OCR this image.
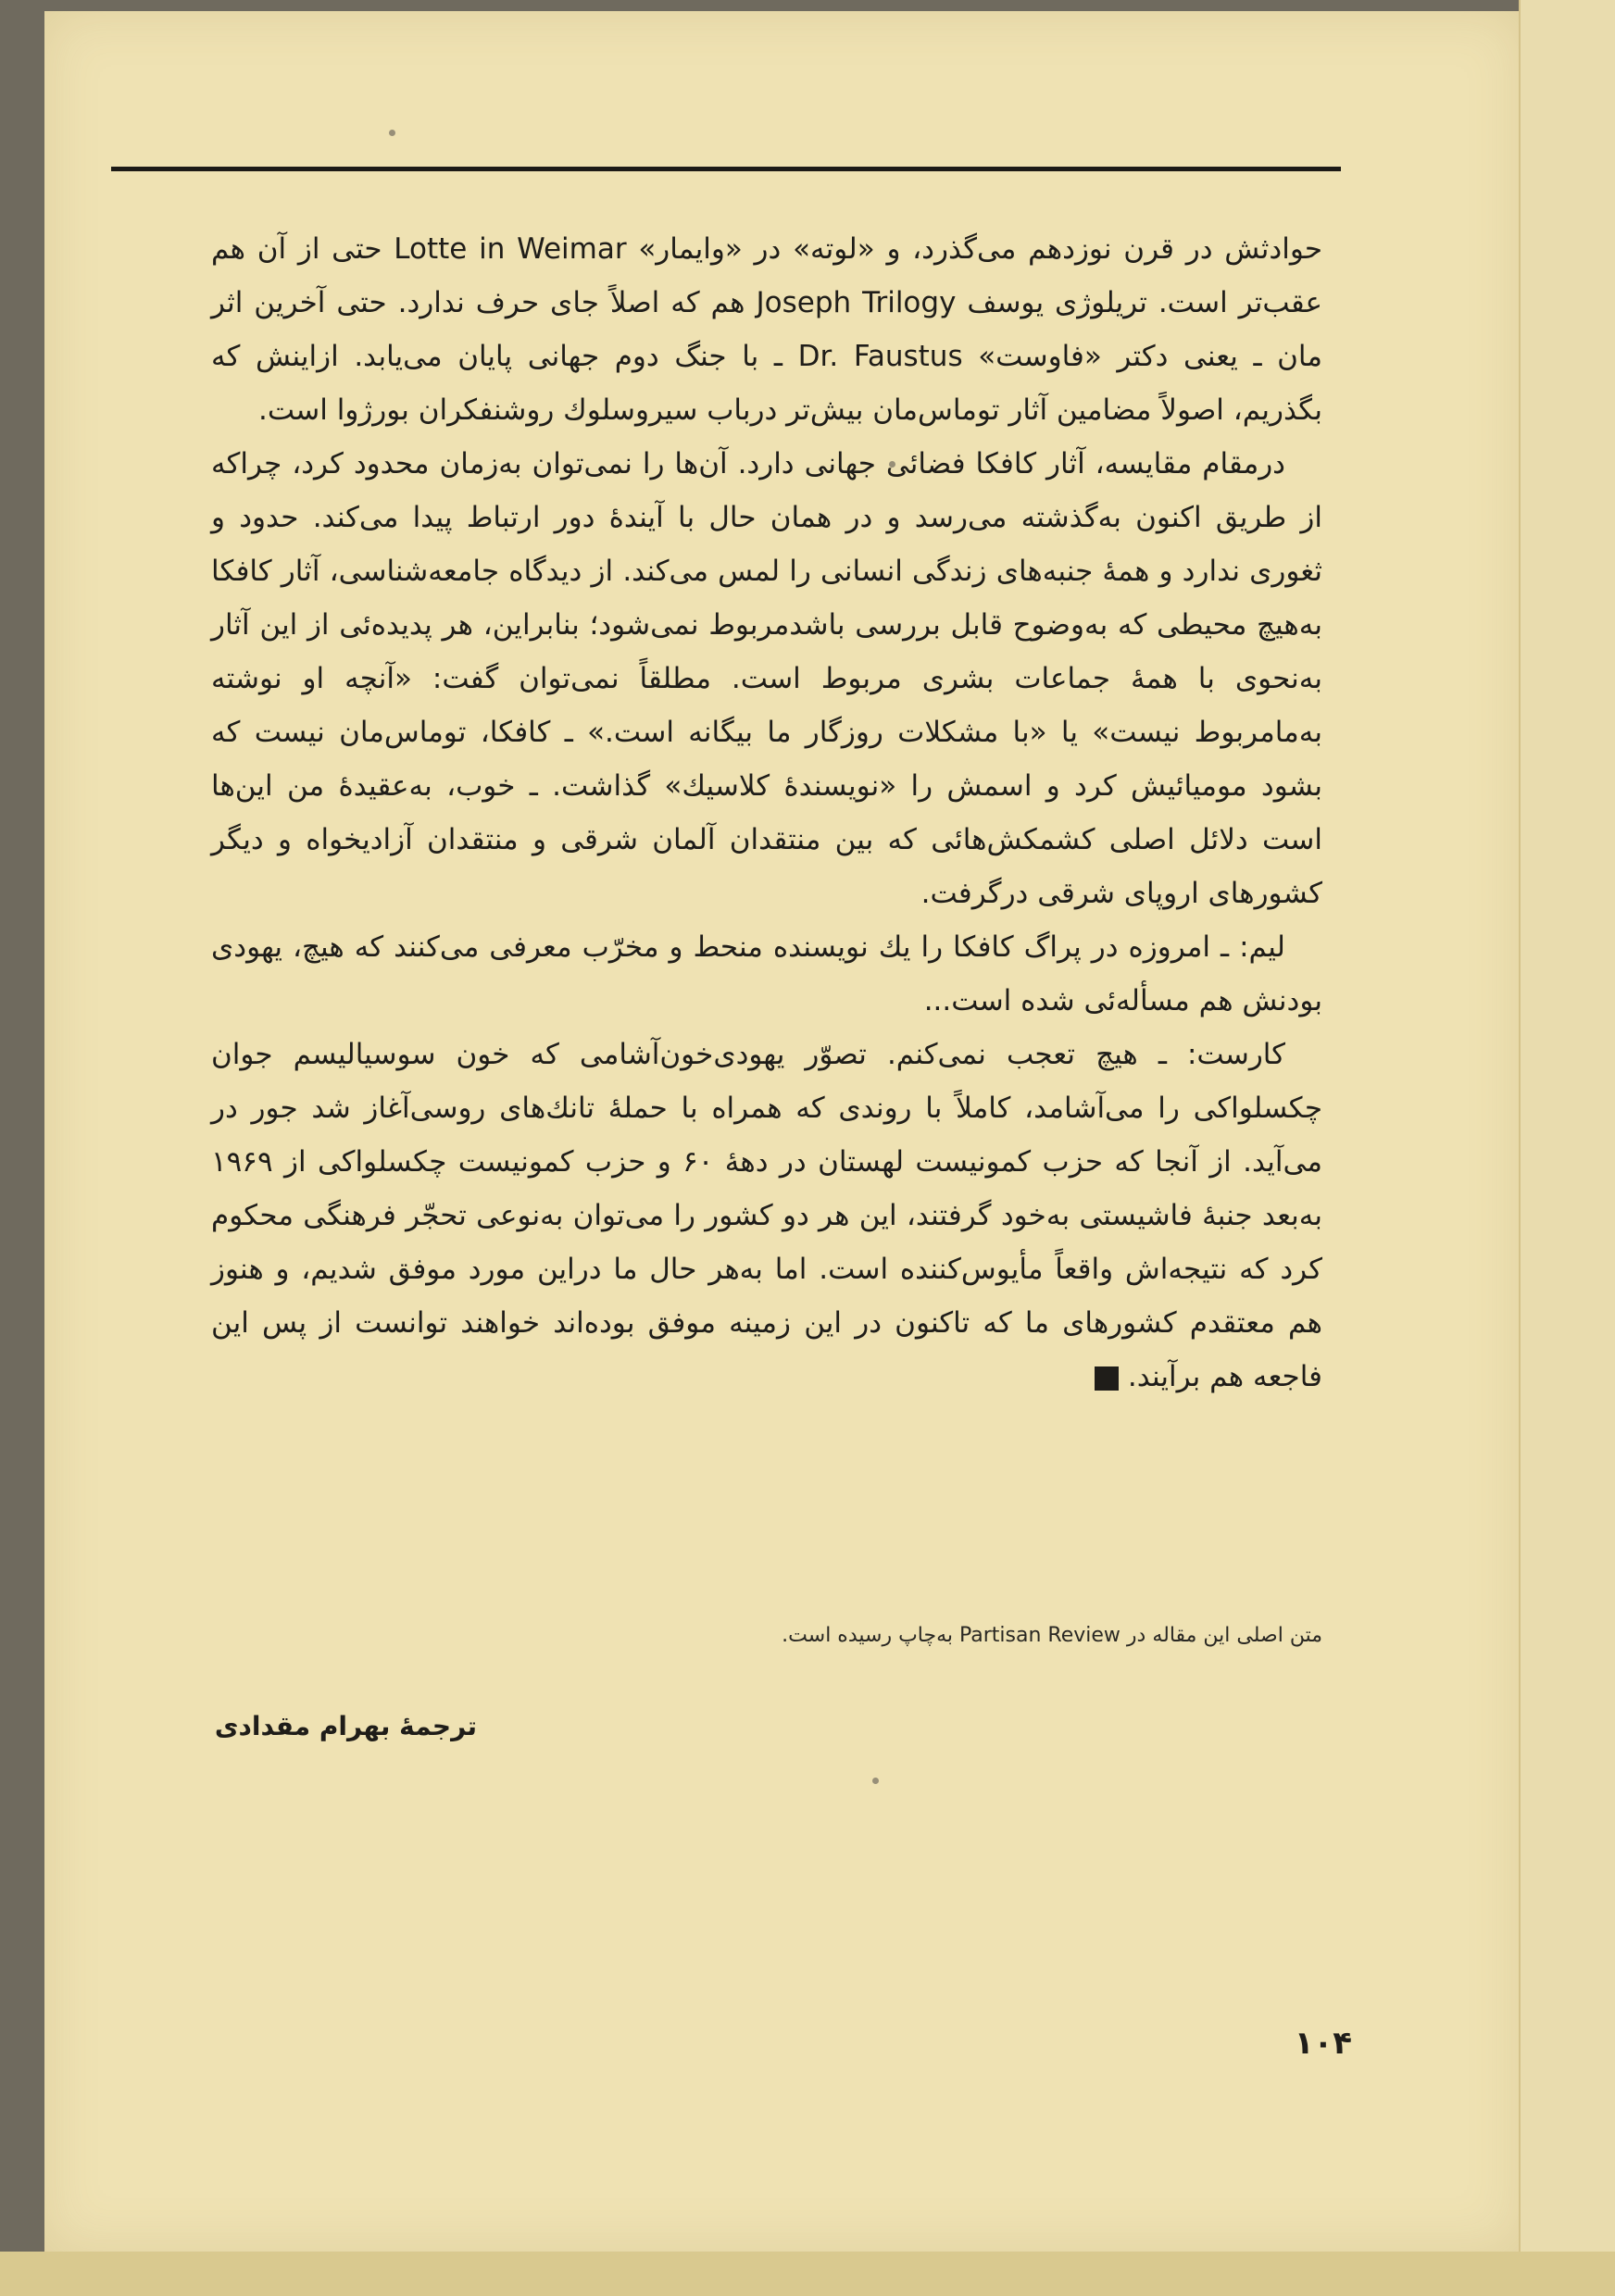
حوادثش در قرن نوزدهم می‌گذرد، و «لوته» در «وایمار» Lotte in Weimar حتی از آن هم عقب‌تر است. تریلوژی یوسف Joseph Trilogy هم که اصلاً جای حرف ندارد. حتی آخرین اثر مان ـ یعنی دکتر «فاوست» Dr. Faustus ـ با جنگ دوم جهانی پایان می‌یابد. ازاینش که بگذریم، اصولاً مضامین آثار توماس‌مان بیش‌تر درباب سیروسلوك روشنفکران بورژوا است.

درمقام مقایسه، آثار کافکا فضائی جهانی دارد. آن‌ها را نمی‌توان به‌زمان محدود کرد، چراکه از طریق اکنون به‌گذشته می‌رسد و در همان حال با آیندهٔ دور ارتباط پیدا می‌کند. حدود و ثغوری ندارد و همهٔ جنبه‌های زندگی انسانی را لمس می‌کند. از دیدگاه جامعه‌شناسی، آثار کافکا به‌هیچ محیطی که به‌وضوح قابل بررسی باشدمربوط نمی‌شود؛ بنابراین، هر پدیده‌ئی از این آثار به‌نحوی با همهٔ جماعات بشری مربوط است. مطلقاً نمی‌توان گفت: «آنچه او نوشته به‌مامربوط نیست» یا «با مشکلات روزگار ما بیگانه است.» ـ کافکا، توماس‌مان نیست که بشود مومیائیش کرد و اسمش را «نویسندهٔ کلاسیك» گذاشت. ـ خوب، به‌عقیدهٔ من این‌ها است دلائل اصلی کشمکش‌هائی که بین منتقدان آلمان شرقی و منتقدان آزادیخواه و دیگر کشورهای اروپای شرقی درگرفت.

لیم: ـ امروزه در پراگ کافکا را یك نویسنده منحط و مخرّب معرفی می‌کنند که هیچ، یهودی بودنش هم مسأله‌ئی شده است...

کارست: ـ هیچ تعجب نمی‌کنم. تصوّر یهودی‌خون‌آشامی که خون سوسیالیسم جوان چکسلواکی را می‌آشامد، کاملاً با روندی که همراه با حملهٔ تانك‌های روسی‌آغاز شد جور در می‌آید. از آنجا که حزب کمونیست لهستان در دههٔ ۶۰ و حزب کمونیست چکسلواکی از ۱۹۶۹ به‌بعد جنبهٔ فاشیستی به‌خود گرفتند، این هر دو کشور را می‌توان به‌نوعی تحجّر فرهنگی محکوم کرد که نتیجه‌اش واقعاً مأیوس‌کننده است. اما به‌هر حال ما دراین مورد موفق شدیم، و هنوز هم معتقدم کشورهای ما که تاکنون در این زمینه موفق بوده‌اند خواهند توانست از پس این فاجعه هم برآیند.

متن اصلی این مقاله در Partisan Review به‌چاپ رسیده است.
ترجمهٔ بهرام مقدادی
۱۰۴
